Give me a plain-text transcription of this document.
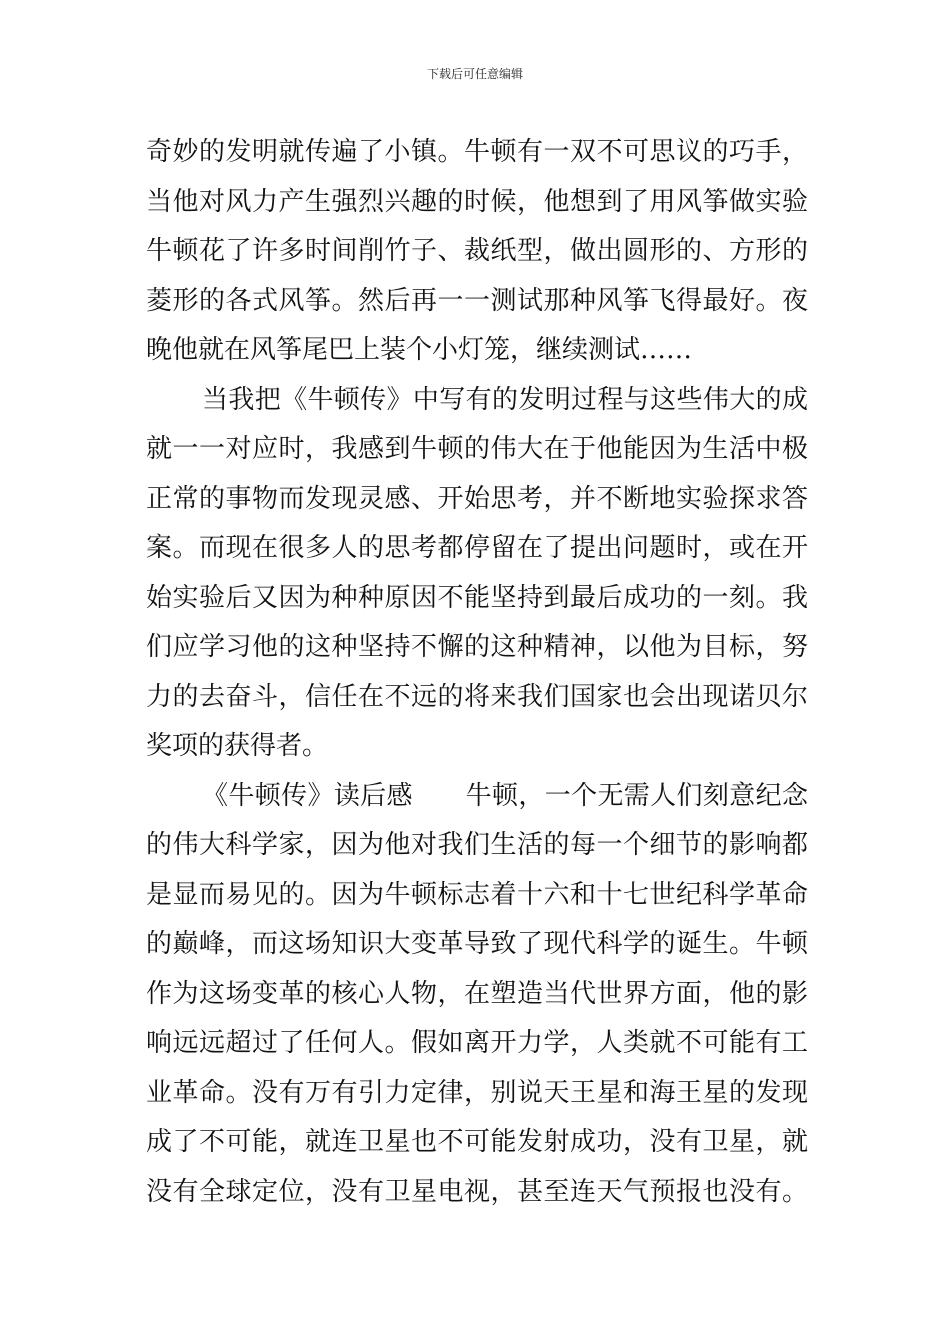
下载后可任意编辑
奇妙的发明就传遍了小镇。牛顿有一双不可思议的巧手，
当他对风力产生强烈兴趣的时候，他想到了用风筝做实验
牛顿花了许多时间削竹子、裁纸型，做出圆形的、方形的
菱形的各式风筝。然后再一一测试那种风筝飞得最好。夜
晚他就在风筝尾巴上装个小灯笼，继续测试……
当我把《牛顿传》中写有的发明过程与这些伟大的成
就一一对应时，我感到牛顿的伟大在于他能因为生活中极
正常的事物而发现灵感、开始思考，并不断地实验探求答
案。而现在很多人的思考都停留在了提出问题时，或在开
始实验后又因为种种原因不能坚持到最后成功的一刻。我
们应学习他的这种坚持不懈的这种精神，以他为目标，努
力的去奋斗，信任在不远的将来我们国家也会出现诺贝尔
奖项的获得者。
《牛顿传》读后感　　牛顿，一个无需人们刻意纪念
的伟大科学家，因为他对我们生活的每一个细节的影响都
是显而易见的。因为牛顿标志着十六和十七世纪科学革命
的巅峰，而这场知识大变革导致了现代科学的诞生。牛顿
作为这场变革的核心人物，在塑造当代世界方面，他的影
响远远超过了任何人。假如离开力学，人类就不可能有工
业革命。没有万有引力定律，别说天王星和海王星的发现
成了不可能，就连卫星也不可能发射成功，没有卫星，就
没有全球定位，没有卫星电视，甚至连天气预报也没有。
